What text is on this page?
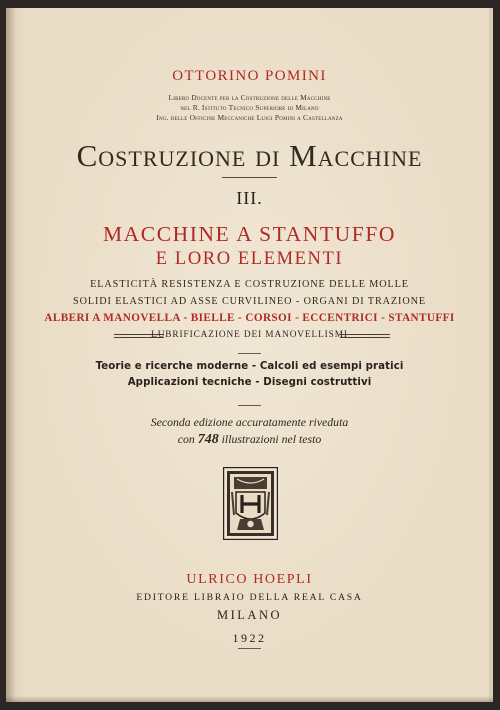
OTTORINO POMINI
Libero Docente per la Costruzione delle Macchine
nel R. Istituto Tecnico Superiore di Milano
Ing. delle Officine Meccaniche Luigi Pomini a Castellanza
Costruzione di Macchine
III.
MACCHINE A STANTUFFO
E LORO ELEMENTI
ELASTICITÀ RESISTENZA E COSTRUZIONE DELLE MOLLE
SOLIDI ELASTICI AD ASSE CURVILINEO - ORGANI DI TRAZIONE
ALBERI A MANOVELLA - BIELLE - CORSOI - ECCENTRICI - STANTUFFI
LUBRIFICAZIONE DEI MANOVELLISMI
Teorie e ricerche moderne - Calcoli ed esempi pratici
Applicazioni tecniche - Disegni costruttivi
Seconda edizione accuratamente riveduta
con 748 illustrazioni nel testo
ULRICO HOEPLI
EDITORE LIBRAIO DELLA REAL CASA
MILANO
1922
